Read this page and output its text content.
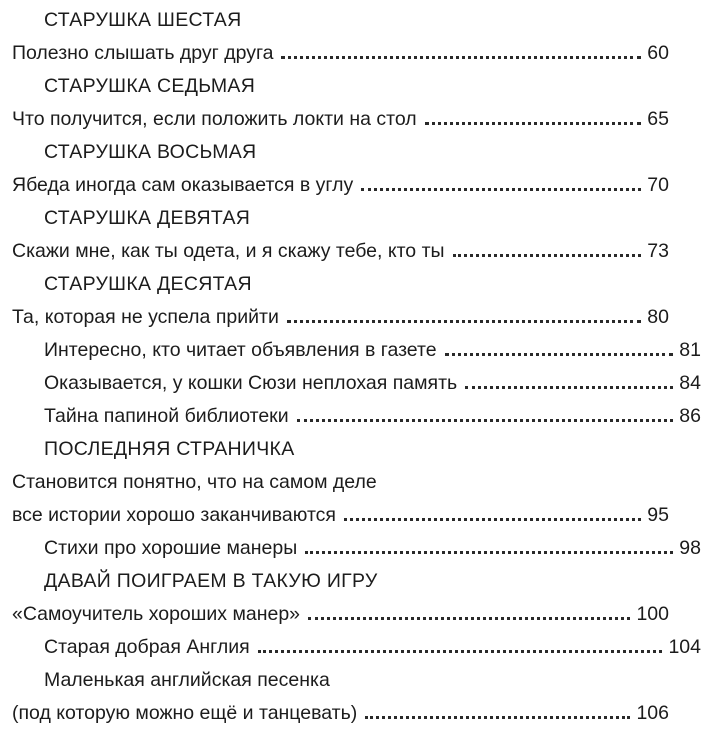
СТАРУШКА ШЕСТАЯ
Полезно слышать друг друга	60
СТАРУШКА СЕДЬМАЯ
Что получится, если положить локти на стол	65
СТАРУШКА ВОСЬМАЯ
Ябеда иногда сам оказывается в углу	70
СТАРУШКА ДЕВЯТАЯ
Скажи мне, как ты одета, и я скажу тебе, кто ты	73
СТАРУШКА ДЕСЯТАЯ
Та, которая не успела прийти	80
Интересно, кто читает объявления в газете	81
Оказывается, у кошки Сюзи неплохая память	84
Тайна папиной библиотеки	86
ПОСЛЕДНЯЯ СТРАНИЧКА
Становится понятно, что на самом деле
все истории хорошо заканчиваются	95
Стихи про хорошие манеры	98
ДАВАЙ ПОИГРАЕМ В ТАКУЮ ИГРУ
«Самоучитель хороших манер»	100
Старая добрая Англия	104
Маленькая английская песенка
(под которую можно ещё и танцевать)	106
